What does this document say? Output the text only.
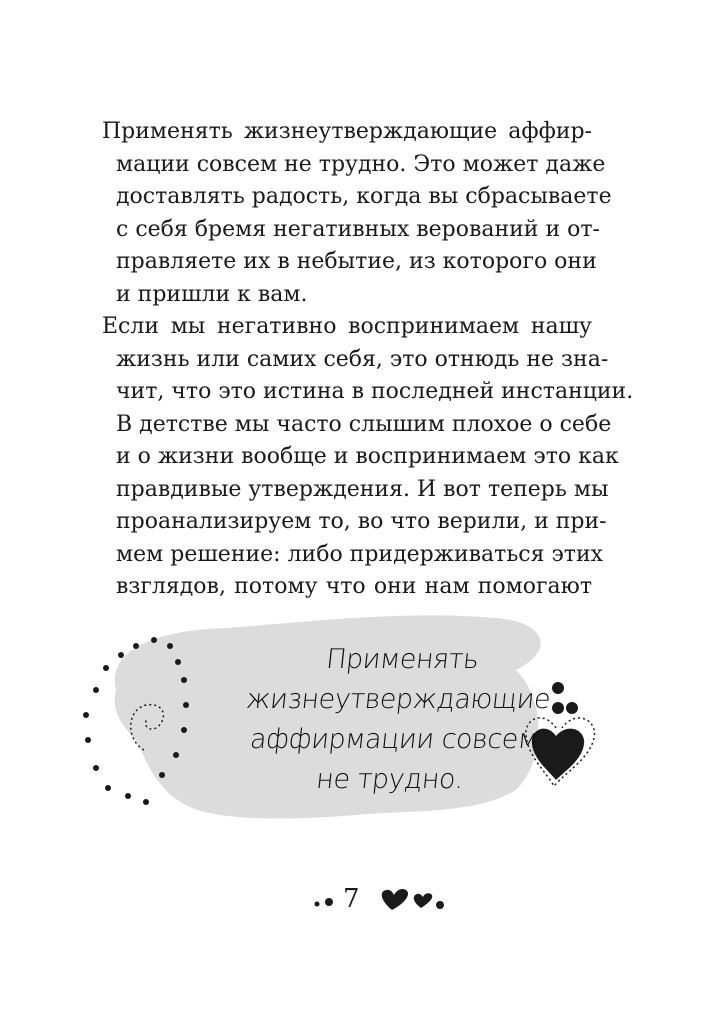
Применять жизнеутверждающие аффир-
мации совсем не трудно. Это может даже
доставлять радость, когда вы сбрасываете
с себя бремя негативных верований и от-
правляете их в небытие, из которого они
и пришли к вам.

Если мы негативно воспринимаем нашу
жизнь или самих себя, это отнюдь не зна-
чит, что это истина в последней инстанции.
В детстве мы часто слышим плохое о себе
и о жизни вообще и воспринимаем это как
правдивые утверждения. И вот теперь мы
проанализируем то, во что верили, и при-
мем решение: либо придерживаться этих
взглядов, потому что они нам помогают

Применять
жизнеутверждающие
аффирмации совсем
не трудно.
7
